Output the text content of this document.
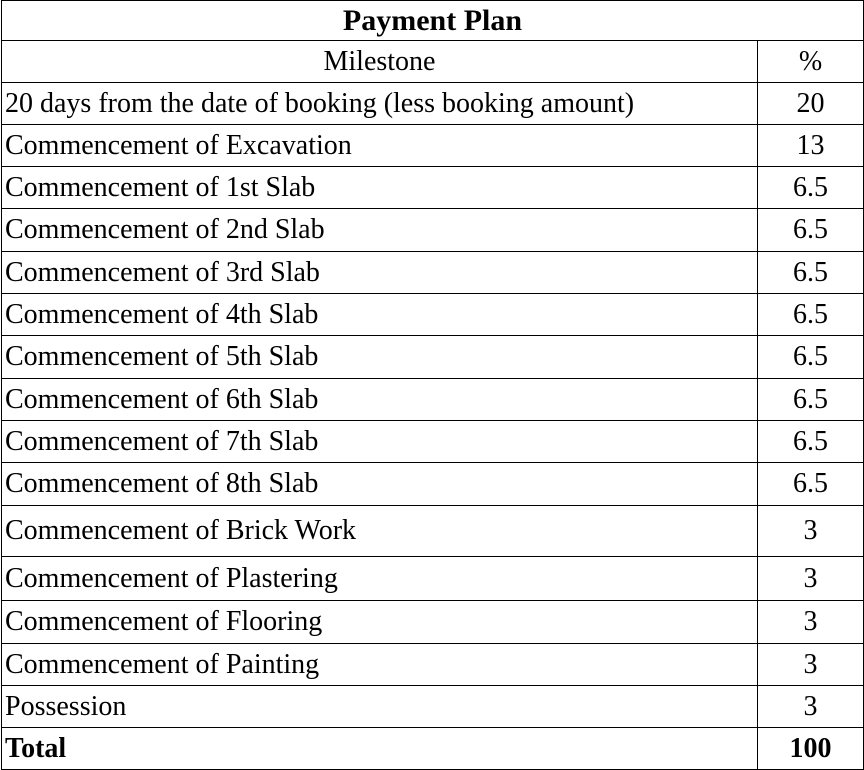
Payment Plan	
Milestone	%
20 days from the date of booking (less booking amount)	20
Commencement of Excavation	13
Commencement of 1st Slab	6.5
Commencement of 2nd Slab	6.5
Commencement of 3rd Slab	6.5
Commencement of 4th Slab	6.5
Commencement of 5th Slab	6.5
Commencement of 6th Slab	6.5
Commencement of 7th Slab	6.5
Commencement of 8th Slab	6.5
Commencement of Brick Work	3
Commencement of Plastering	3
Commencement of Flooring	3
Commencement of Painting	3
Possession	3
Total	100
